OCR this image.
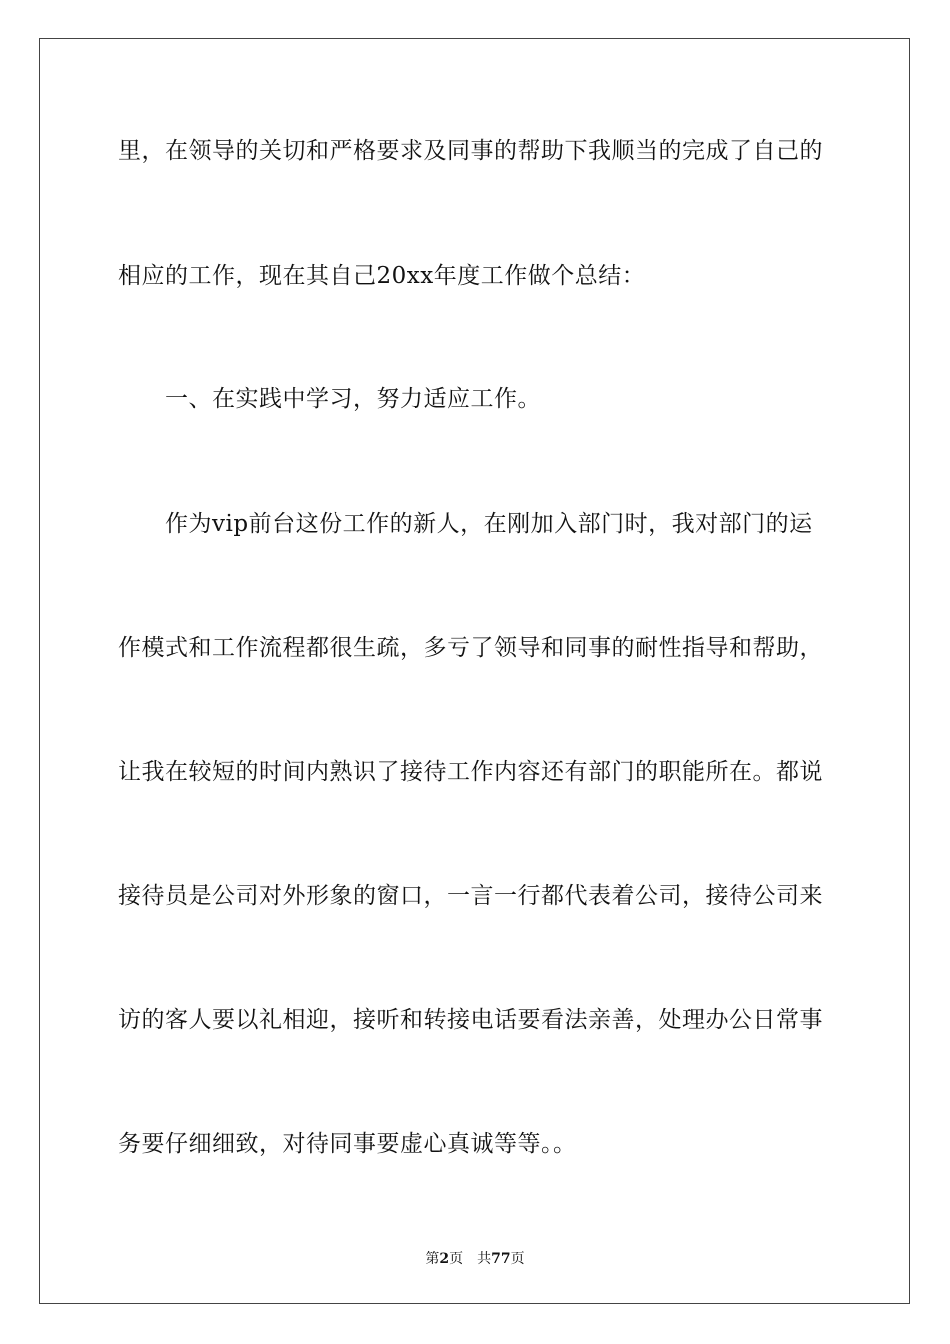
里，在领导的关切和严格要求及同事的帮助下我顺当的完成了自己的
相应的工作，现在其自己20xx年度工作做个总结：
一、在实践中学习，努力适应工作。
作为vip前台这份工作的新人，在刚加入部门时，我对部门的运
作模式和工作流程都很生疏，多亏了领导和同事的耐性指导和帮助，
让我在较短的时间内熟识了接待工作内容还有部门的职能所在。都说
接待员是公司对外形象的窗口，一言一行都代表着公司，接待公司来
访的客人要以礼相迎，接听和转接电话要看法亲善，处理办公日常事
务要仔细细致，对待同事要虚心真诚等等。。
第2页 共77页
